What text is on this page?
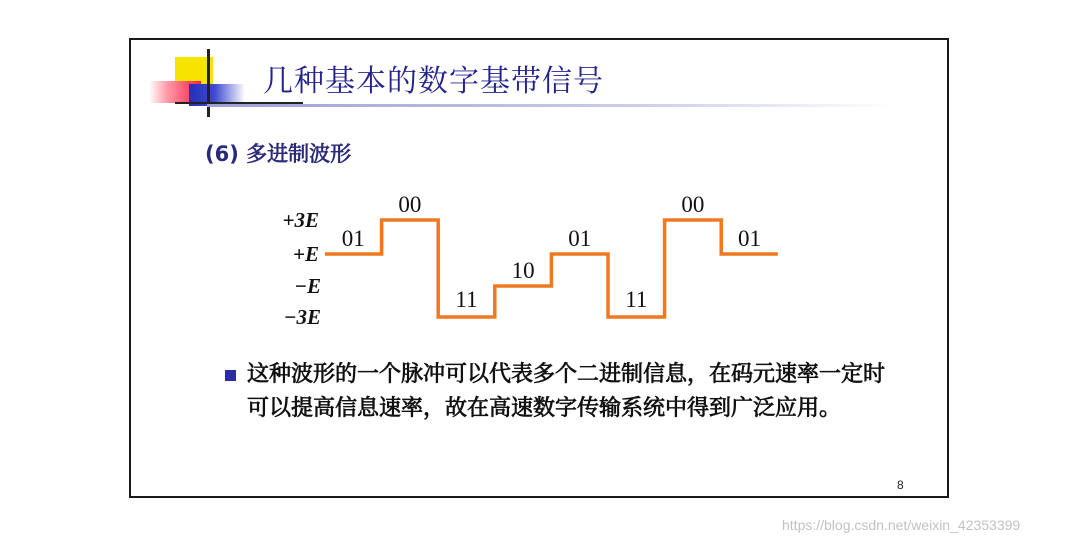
几种基本的数字基带信号
(6) 多进制波形
+3E
+E
−E
−3E
01
00
11
10
01
11
00
01
这种波形的一个脉冲可以代表多个二进制信息，在码元速率一定时可以提高信息速率，故在高速数字传输系统中得到广泛应用。
8
https://blog.csdn.net/weixin_42353399
